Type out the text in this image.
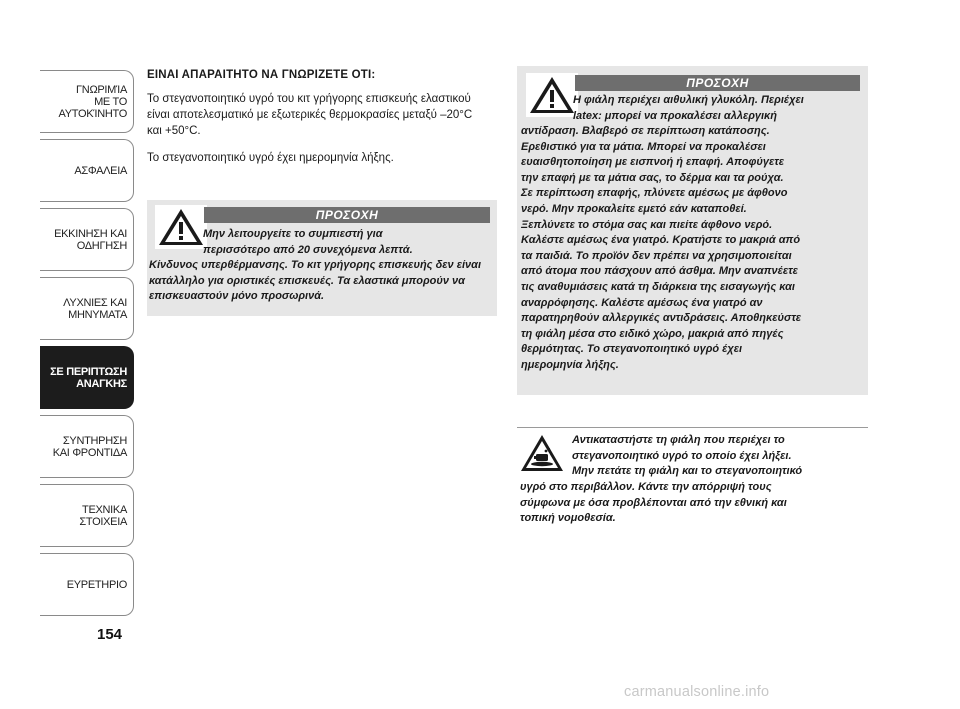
ΓΝΩΡΙΜΊΑ
ΜΕ ΤΟ
ΑΥΤΟΚΊΝΗΤΟ
ΑΣΦΑΛΕΙΑ
ΕΚΚΙΝΗΣΗ ΚΑΙ
ΟΔΗΓΗΣΗ
ΛΥΧΝΙΕΣ ΚΑΙ
ΜΗΝΥΜΑΤΑ
ΣΕ ΠΕΡΙΠΤΩΣΗ
ΑΝΑΓΚΗΣ
ΣΥΝΤΗΡΗΣΗ
ΚΑΙ ΦΡΟΝΤΙΔΑ
ΤΕΧΝΙΚΑ
ΣΤΟΙΧΕΙΑ
ΕΥΡΕΤΗΡΙΟ
154
ΕΙΝΑΙ ΑΠΑΡΑΙΤΗΤΟ ΝΑ ΓΝΩΡΙΖΕΤΕ ΟΤΙ:
Το στεγανοποιητικό υγρό του κιτ γρήγορης επισκευής ελαστικού είναι αποτελεσματικό με εξωτερικές θερμοκρασίες μεταξύ –20°C και +50°C.
Το στεγανοποιητικό υγρό έχει ημερομηνία λήξης.
ΠΡΟΣΟΧΗ
Μην λειτουργείτε το συμπιεστή για
περισσότερο από 20 συνεχόμενα λεπτά.
Κίνδυνος υπερθέρμανσης. Το κιτ γρήγορης επισκευής δεν είναι κατάλληλο για οριστικές επισκευές. Τα ελαστικά μπορούν να επισκευαστούν μόνο προσωρινά.
ΠΡΟΣΟΧΗ
Η φιάλη περιέχει αιθυλική γλυκόλη. Περιέχει
latex: μπορεί να προκαλέσει αλλεργική
αντίδραση. Βλαβερό σε περίπτωση κατάποσης.
Ερεθιστικό για τα μάτια. Μπορεί να προκαλέσει
ευαισθητοποίηση με εισπνοή ή επαφή. Αποφύγετε
την επαφή με τα μάτια σας, το δέρμα και τα ρούχα.
Σε περίπτωση επαφής, πλύνετε αμέσως με άφθονο
νερό. Μην προκαλείτε εμετό εάν καταποθεί.
Ξεπλύνετε το στόμα σας και πιείτε άφθονο νερό.
Καλέστε αμέσως ένα γιατρό. Κρατήστε το μακριά από
τα παιδιά. Το προϊόν δεν πρέπει να χρησιμοποιείται
από άτομα που πάσχουν από άσθμα. Μην αναπνέετε
τις αναθυμιάσεις κατά τη διάρκεια της εισαγωγής και
αναρρόφησης. Καλέστε αμέσως ένα γιατρό αν
παρατηρηθούν αλλεργικές αντιδράσεις. Αποθηκεύστε
τη φιάλη μέσα στο ειδικό χώρο, μακριά από πηγές
θερμότητας. Το στεγανοποιητικό υγρό έχει
ημερομηνία λήξης.
Αντικαταστήστε τη φιάλη που περιέχει το
στεγανοποιητικό υγρό το οποίο έχει λήξει.
Μην πετάτε τη φιάλη και το στεγανοποιητικό
υγρό στο περιβάλλον. Κάντε την απόρριψή τους
σύμφωνα με όσα προβλέπονται από την εθνική και
τοπική νομοθεσία.
carmanualsonline.info
